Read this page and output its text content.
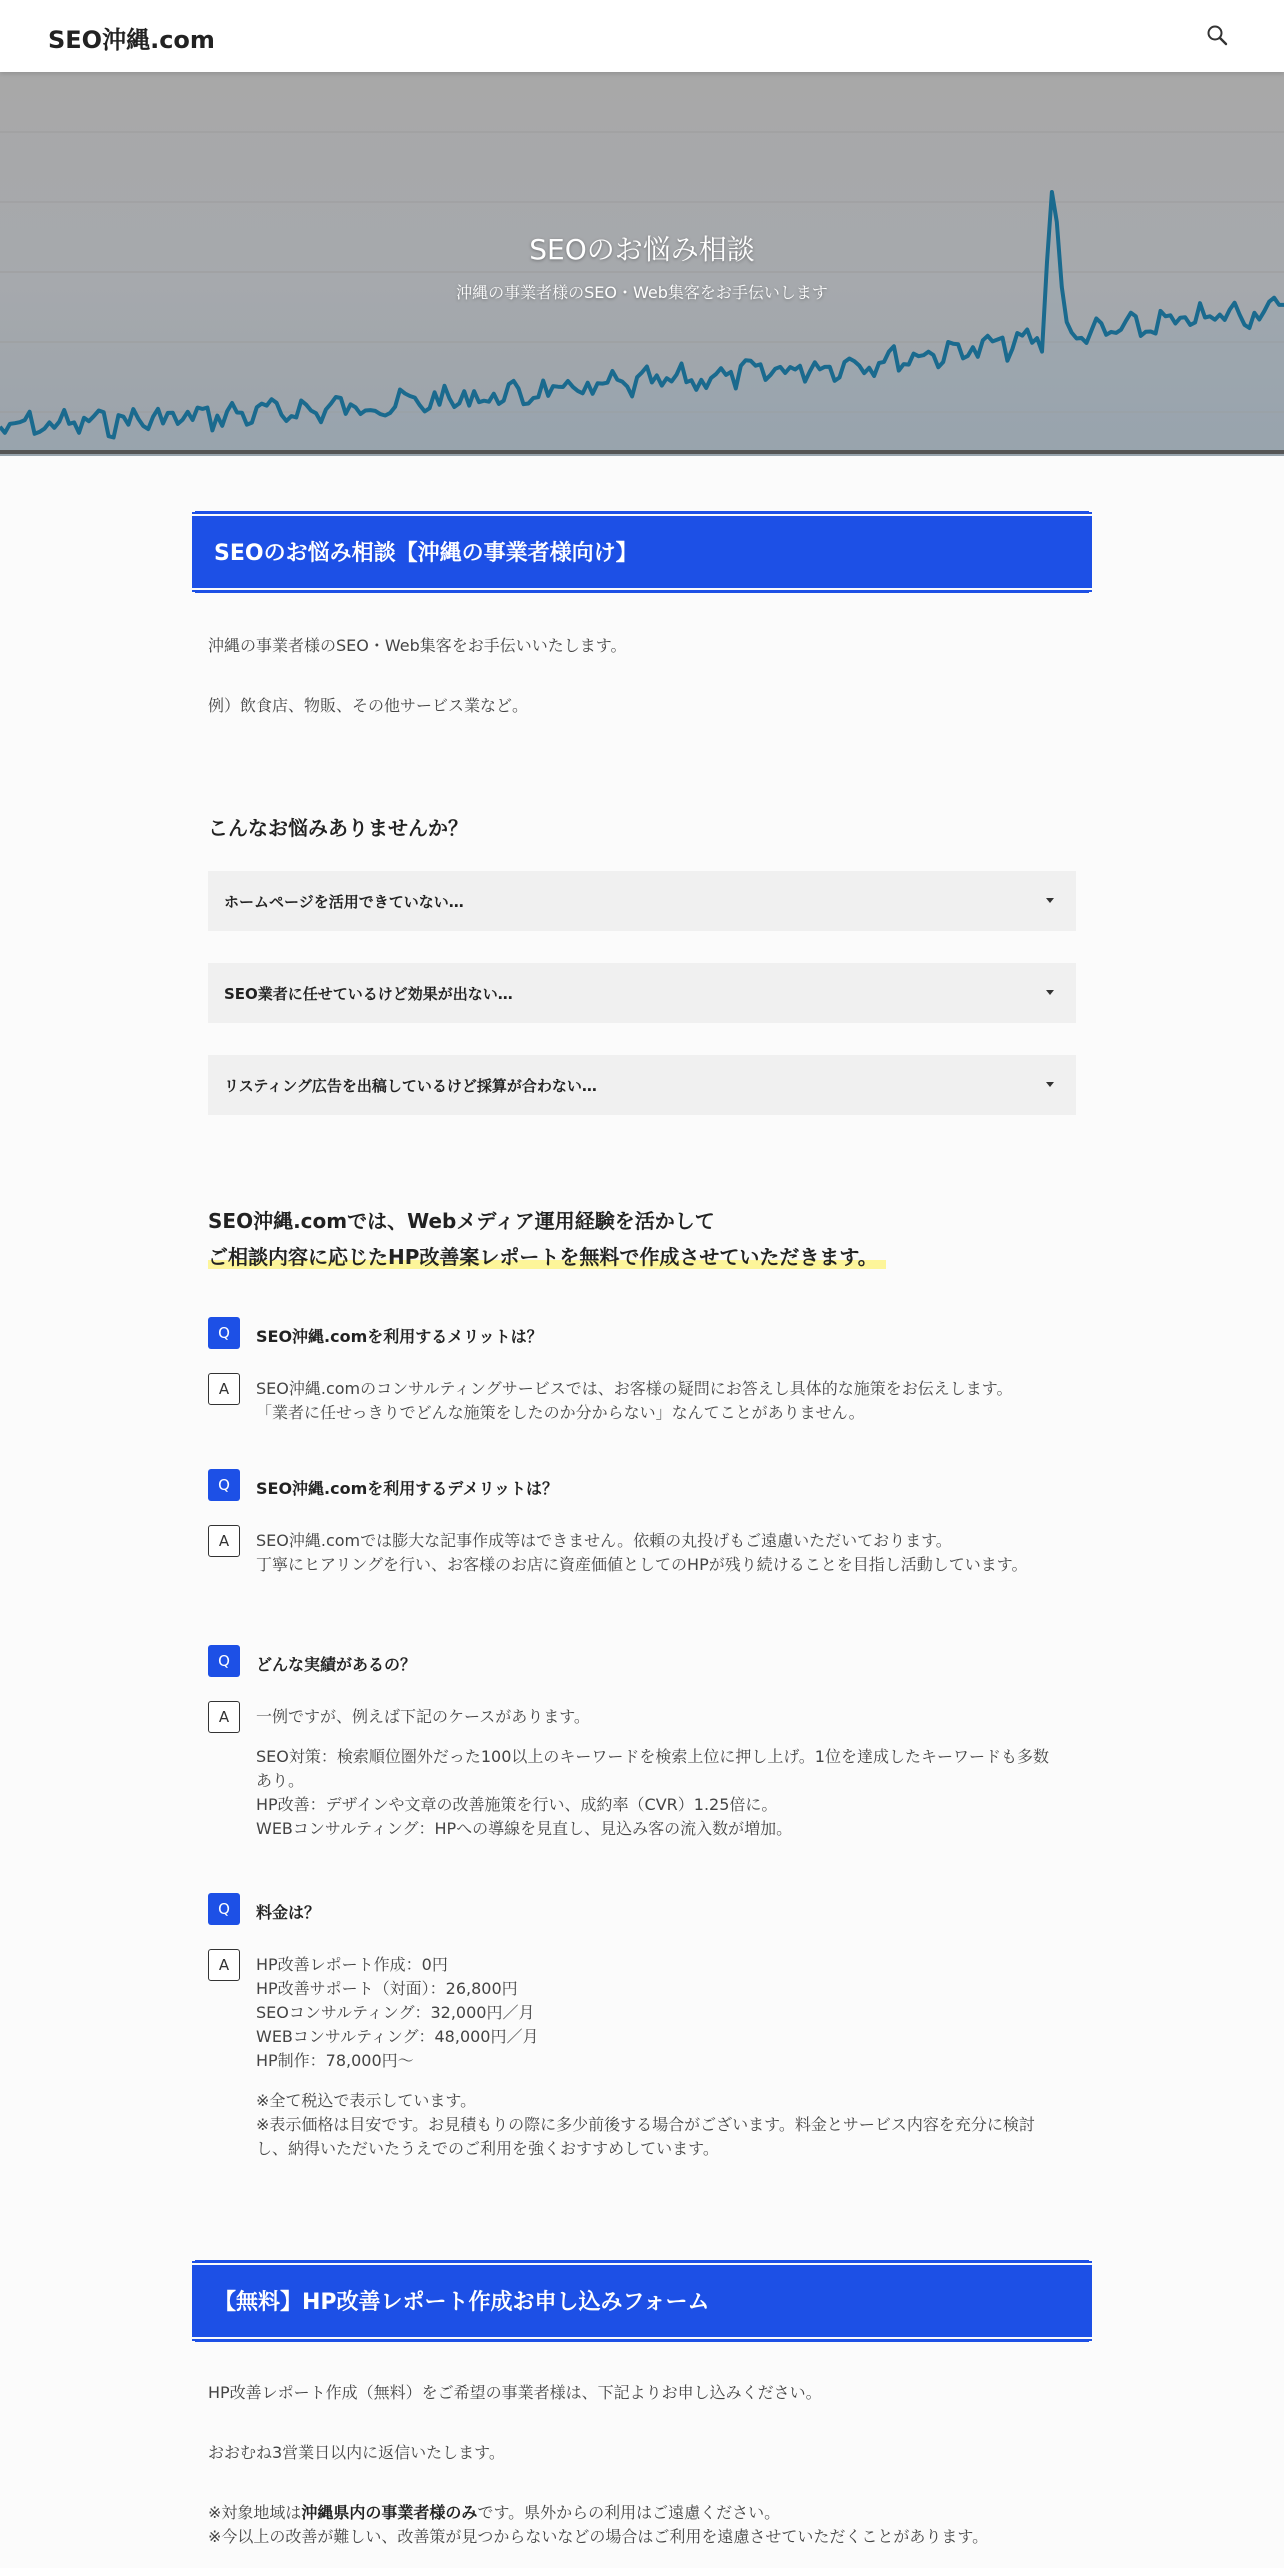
SEO沖縄.com
SEOのお悩み相談
沖縄の事業者様のSEO・Web集客をお手伝いします
SEOのお悩み相談【沖縄の事業者様向け】

沖縄の事業者様のSEO・Web集客をお手伝いいたします。

例）飲食店、物販、その他サービス業など。

こんなお悩みありませんか？
ホームページを活用できていない…
SEO業者に任せているけど効果が出ない…
リスティング広告を出稿しているけど採算が合わない…

SEO沖縄.comでは、Webメディア運用経験を活かして

ご相談内容に応じたHP改善案レポートを無料で作成させていただきます。

Q	SEO沖縄.comを利用するメリットは？
A	SEO沖縄.comのコンサルティングサービスでは、お客様の疑問にお答えし具体的な施策をお伝えします。
「業者に任せっきりでどんな施策をしたのか分からない」なんてことがありません。
Q	SEO沖縄.comを利用するデメリットは？
A	SEO沖縄.comでは膨大な記事作成等はできません。依頼の丸投げもご遠慮いただいております。
丁寧にヒアリングを行い、お客様のお店に資産価値としてのHPが残り続けることを目指し活動しています。
Q	どんな実績があるの？
A	一例ですが、例えば下記のケースがあります。

SEO対策：検索順位圏外だった100以上のキーワードを検索上位に押し上げ。1位を達成したキーワードも多数
あり。
HP改善：デザインや文章の改善施策を行い、成約率（CVR）1.25倍に。
WEBコンサルティング：HPへの導線を見直し、見込み客の流入数が増加。

Q	料金は？
A	HP改善レポート作成：0円
HP改善サポート（対面）：26,800円
SEOコンサルティング：32,000円／月
WEBコンサルティング：48,000円／月
HP制作：78,000円～

※全て税込で表示しています。
※表示価格は目安です。お見積もりの際に多少前後する場合がございます。料金とサービス内容を充分に検討
し、納得いただいたうえでのご利用を強くおすすめしています。

【無料】HP改善レポート作成お申し込みフォーム

HP改善レポート作成（無料）をご希望の事業者様は、下記よりお申し込みください。

おおむね3営業日以内に返信いたします。

※対象地域は沖縄県内の事業者様のみです。県外からの利用はご遠慮ください。

※今以上の改善が難しい、改善策が見つからないなどの場合はご利用を遠慮させていただくことがあります。
